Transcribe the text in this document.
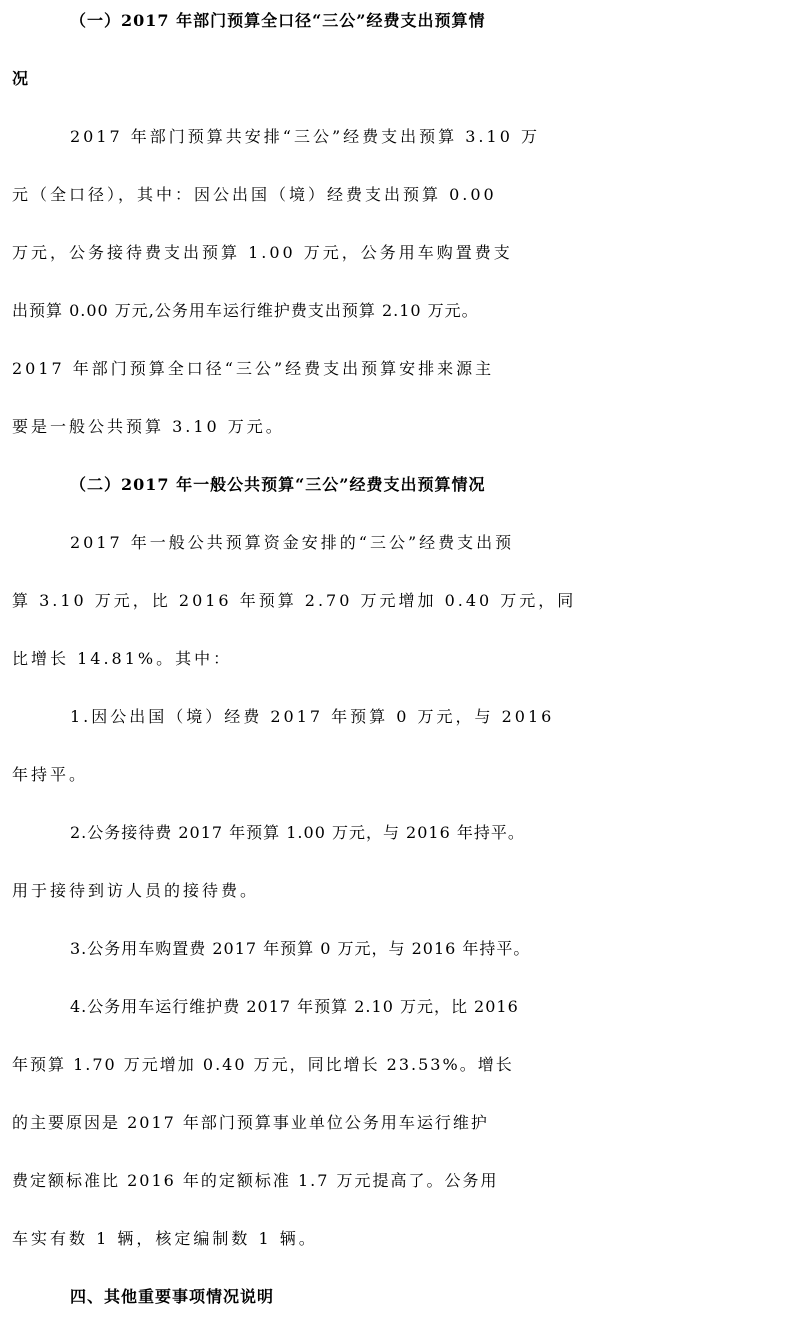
（一）2017 年部门预算全口径“三公”经费支出预算情
况
2017 年部门预算共安排“三公”经费支出预算 3.10 万
元（全口径），其中：因公出国（境）经费支出预算 0.00
万元，公务接待费支出预算 1.00 万元，公务用车购置费支
出预算 0.00 万元,公务用车运行维护费支出预算 2.10 万元。
2017 年部门预算全口径“三公”经费支出预算安排来源主
要是一般公共预算 3.10 万元。
（二）2017 年一般公共预算“三公”经费支出预算情况
2017 年一般公共预算资金安排的“三公”经费支出预
算 3.10 万元，比 2016 年预算 2.70 万元增加 0.40 万元，同
比增长 14.81%。其中：
1.因公出国（境）经费 2017 年预算 0 万元，与 2016
年持平。
2.公务接待费 2017 年预算 1.00 万元，与 2016 年持平。
用于接待到访人员的接待费。
3.公务用车购置费 2017 年预算 0 万元，与 2016 年持平。
4.公务用车运行维护费 2017 年预算 2.10 万元，比 2016
年预算 1.70 万元增加 0.40 万元，同比增长 23.53%。增长
的主要原因是 2017 年部门预算事业单位公务用车运行维护
费定额标准比 2016 年的定额标准 1.7 万元提高了。公务用
车实有数 1 辆，核定编制数 1 辆。
四、其他重要事项情况说明
